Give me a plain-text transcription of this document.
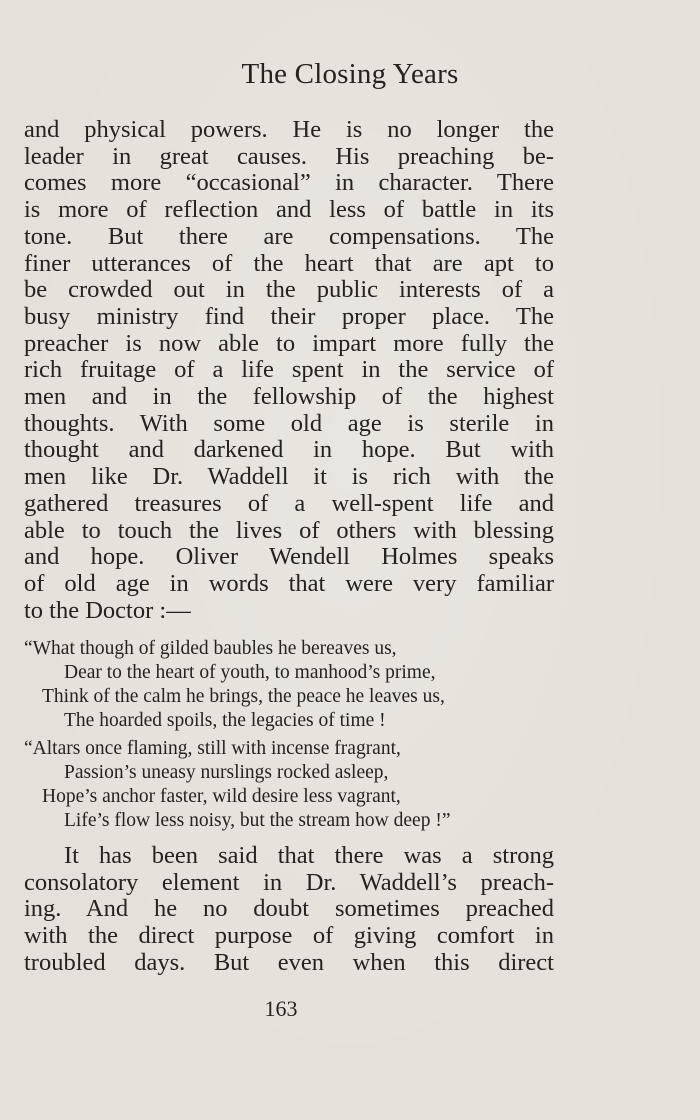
The Closing Years
and physical powers. He is no longer the
leader in great causes. His preaching be-
comes more “occasional” in character. There
is more of reflection and less of battle in its
tone. But there are compensations. The
finer utterances of the heart that are apt to
be crowded out in the public interests of a
busy ministry find their proper place. The
preacher is now able to impart more fully the
rich fruitage of a life spent in the service of
men and in the fellowship of the highest
thoughts. With some old age is sterile in
thought and darkened in hope. But with
men like Dr. Waddell it is rich with the
gathered treasures of a well-spent life and
able to touch the lives of others with blessing
and hope. Oliver Wendell Holmes speaks
of old age in words that were very familiar
to the Doctor :—
“What though of gilded baubles he bereaves us,
Dear to the heart of youth, to manhood’s prime,
Think of the calm he brings, the peace he leaves us,
The hoarded spoils, the legacies of time !
“Altars once flaming, still with incense fragrant,
Passion’s uneasy nurslings rocked asleep,
Hope’s anchor faster, wild desire less vagrant,
Life’s flow less noisy, but the stream how deep !”
It has been said that there was a strong
consolatory element in Dr. Waddell’s preach-
ing. And he no doubt sometimes preached
with the direct purpose of giving comfort in
troubled days. But even when this direct
163
